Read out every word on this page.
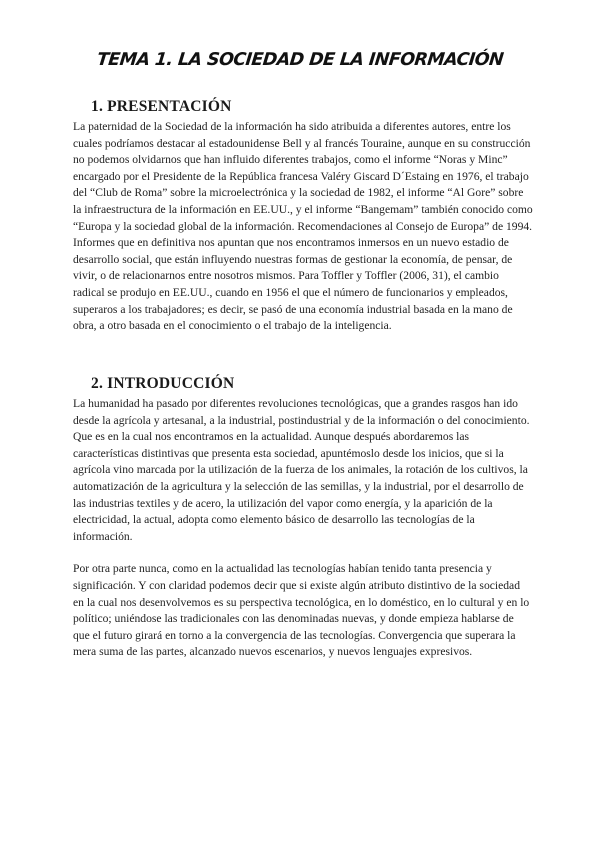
TEMA 1. LA SOCIEDAD DE LA INFORMACIÓN
1. PRESENTACIÓN

La paternidad de la Sociedad de la información ha sido atribuida a diferentes autores, entre los cuales podríamos destacar al estadounidense Bell y al francés Touraine, aunque en su construcción no podemos olvidarnos que han influido diferentes trabajos, como el informe “Noras y Minc” encargado por el Presidente de la República francesa Valéry Giscard D´Estaing en 1976, el trabajo del “Club de Roma” sobre la microelectrónica y la sociedad de 1982, el informe “Al Gore” sobre la infraestructura de la información en EE.UU., y el informe “Bangemam” también conocido como “Europa y la sociedad global de la información. Recomendaciones al Consejo de Europa” de 1994. Informes que en definitiva nos apuntan que nos encontramos inmersos en un nuevo estadio de desarrollo social, que están influyendo nuestras formas de gestionar la economía, de pensar, de vivir, o de relacionarnos entre nosotros mismos. Para Toffler y Toffler (2006, 31), el cambio radical se produjo en EE.UU., cuando en 1956 el que el número de funcionarios y empleados, superaros a los trabajadores; es decir, se pasó de una economía industrial basada en la mano de obra, a otro basada en el conocimiento o el trabajo de la inteligencia.

2. INTRODUCCIÓN

La humanidad ha pasado por diferentes revoluciones tecnológicas, que a grandes rasgos han ido desde la agrícola y artesanal, a la industrial, postindustrial y de la información o del conocimiento. Que es en la cual nos encontramos en la actualidad. Aunque después abordaremos las características distintivas que presenta esta sociedad, apuntémoslo desde los inicios, que si la agrícola vino marcada por la utilización de la fuerza de los animales, la rotación de los cultivos, la automatización de la agricultura y la selección de las semillas, y la industrial, por el desarrollo de las industrias textiles y de acero, la utilización del vapor como energía, y la aparición de la electricidad, la actual, adopta como elemento básico de desarrollo las tecnologías de la información.

Por otra parte nunca, como en la actualidad las tecnologías habían tenido tanta presencia y significación. Y con claridad podemos decir que si existe algún atributo distintivo de la sociedad en la cual nos desenvolvemos es su perspectiva tecnológica, en lo doméstico, en lo cultural y en lo político; uniéndose las tradicionales con las denominadas nuevas, y donde empieza hablarse de que el futuro girará en torno a la convergencia de las tecnologías. Convergencia que superara la mera suma de las partes, alcanzado nuevos escenarios, y nuevos lenguajes expresivos.
